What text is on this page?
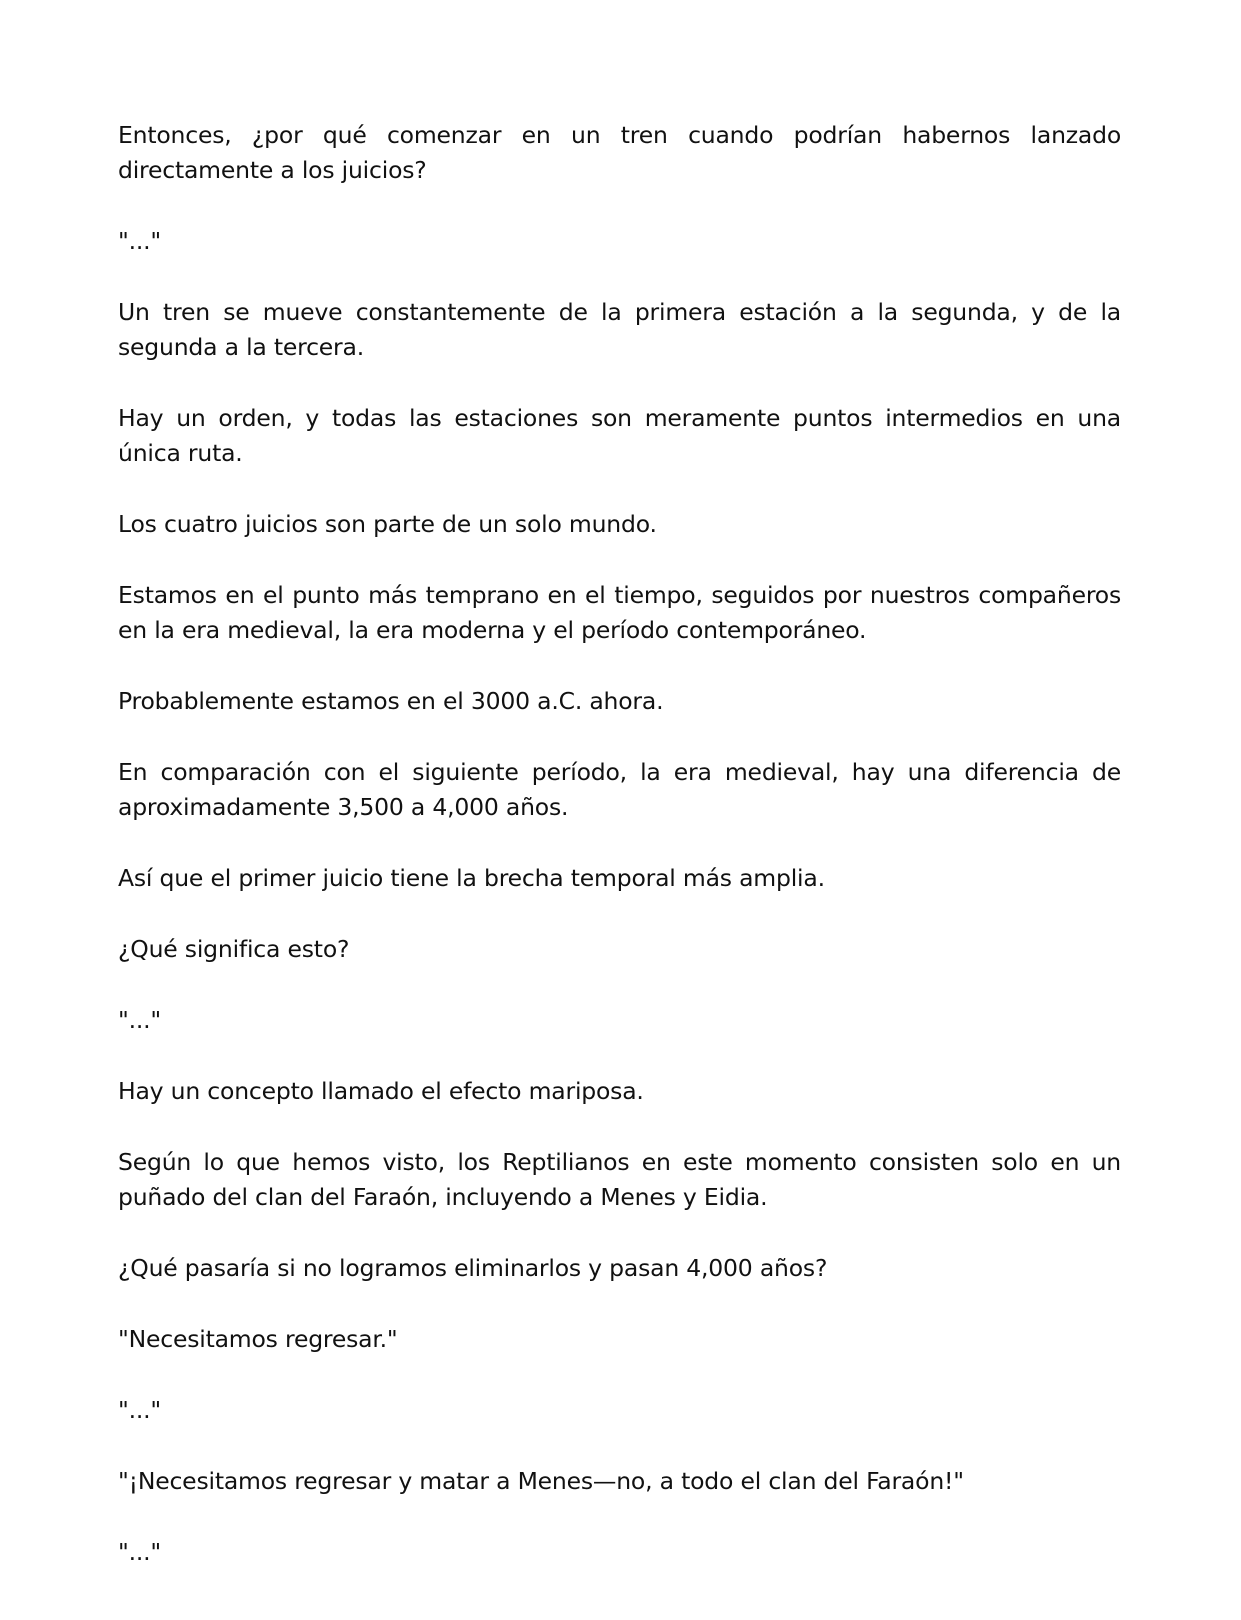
Entonces, ¿por qué comenzar en un tren cuando podrían habernos lanzado directamente a los juicios?

"..."

Un tren se mueve constantemente de la primera estación a la segunda, y de la segunda a la tercera.

Hay un orden, y todas las estaciones son meramente puntos intermedios en una única ruta.

Los cuatro juicios son parte de un solo mundo.

Estamos en el punto más temprano en el tiempo, seguidos por nuestros compañeros en la era medieval, la era moderna y el período contemporáneo.

Probablemente estamos en el 3000 a.C. ahora.

En comparación con el siguiente período, la era medieval, hay una diferencia de aproximadamente 3,500 a 4,000 años.

Así que el primer juicio tiene la brecha temporal más amplia.

¿Qué significa esto?

"..."

Hay un concepto llamado el efecto mariposa.

Según lo que hemos visto, los Reptilianos en este momento consisten solo en un puñado del clan del Faraón, incluyendo a Menes y Eidia.

¿Qué pasaría si no logramos eliminarlos y pasan 4,000 años?

"Necesitamos regresar."

"..."

"¡Necesitamos regresar y matar a Menes—no, a todo el clan del Faraón!"

"..."
